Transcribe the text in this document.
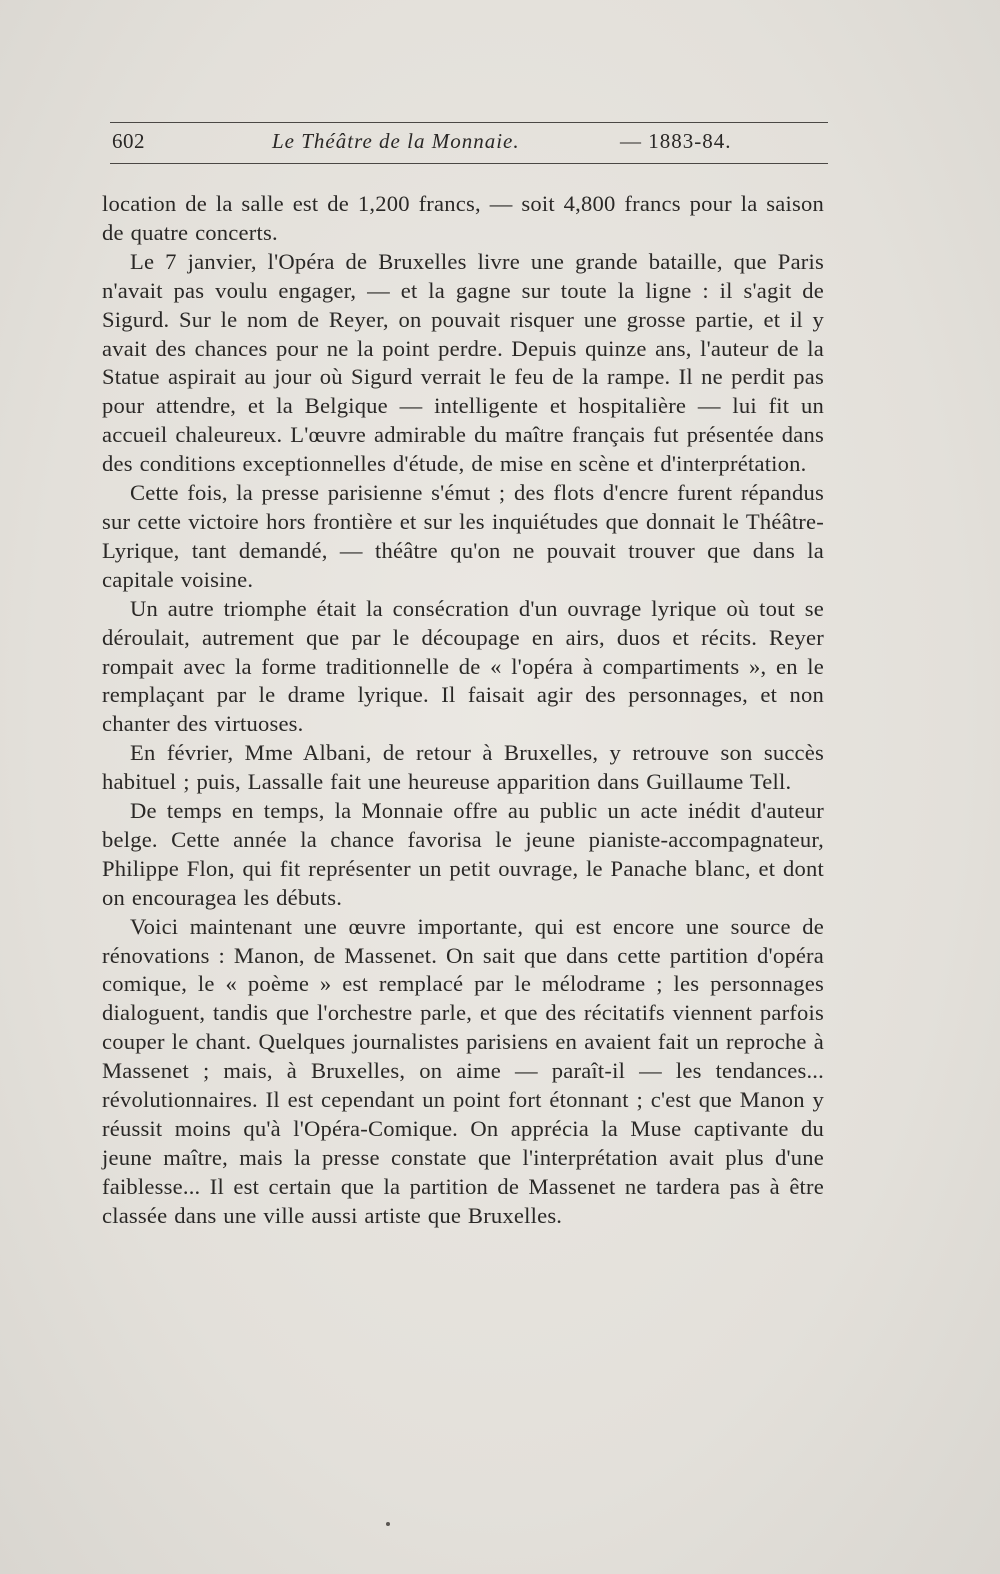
602	Le Théâtre de la Monnaie.	— 1883-84.

location de la salle est de 1,200 francs, — soit 4,800 francs pour la saison de quatre concerts.

Le 7 janvier, l'Opéra de Bruxelles livre une grande bataille, que Paris n'avait pas voulu engager, — et la gagne sur toute la ligne : il s'agit de Sigurd. Sur le nom de Reyer, on pouvait risquer une grosse partie, et il y avait des chances pour ne la point perdre. Depuis quinze ans, l'auteur de la Statue aspirait au jour où Sigurd verrait le feu de la rampe. Il ne perdit pas pour attendre, et la Belgique — intelligente et hospitalière — lui fit un accueil chaleureux. L'œuvre admirable du maître français fut présentée dans des conditions exceptionnelles d'étude, de mise en scène et d'interprétation.

Cette fois, la presse parisienne s'émut ; des flots d'encre furent répandus sur cette victoire hors frontière et sur les inquiétudes que donnait le Théâtre-Lyrique, tant demandé, — théâtre qu'on ne pouvait trouver que dans la capitale voisine.

Un autre triomphe était la consécration d'un ouvrage lyrique où tout se déroulait, autrement que par le découpage en airs, duos et récits. Reyer rompait avec la forme traditionnelle de « l'opéra à compartiments », en le remplaçant par le drame lyrique. Il faisait agir des personnages, et non chanter des virtuoses.

En février, Mme Albani, de retour à Bruxelles, y retrouve son succès habituel ; puis, Lassalle fait une heureuse apparition dans Guillaume Tell.

De temps en temps, la Monnaie offre au public un acte inédit d'auteur belge. Cette année la chance favorisa le jeune pianiste-accompagnateur, Philippe Flon, qui fit représenter un petit ouvrage, le Panache blanc, et dont on encouragea les débuts.

Voici maintenant une œuvre importante, qui est encore une source de rénovations : Manon, de Massenet. On sait que dans cette partition d'opéra comique, le « poème » est remplacé par le mélodrame ; les personnages dialoguent, tandis que l'orchestre parle, et que des récitatifs viennent parfois couper le chant. Quelques journalistes parisiens en avaient fait un reproche à Massenet ; mais, à Bruxelles, on aime — paraît-il — les tendances... révolutionnaires. Il est cependant un point fort étonnant ; c'est que Manon y réussit moins qu'à l'Opéra-Comique. On apprécia la Muse captivante du jeune maître, mais la presse constate que l'interprétation avait plus d'une faiblesse... Il est certain que la partition de Massenet ne tardera pas à être classée dans une ville aussi artiste que Bruxelles.
